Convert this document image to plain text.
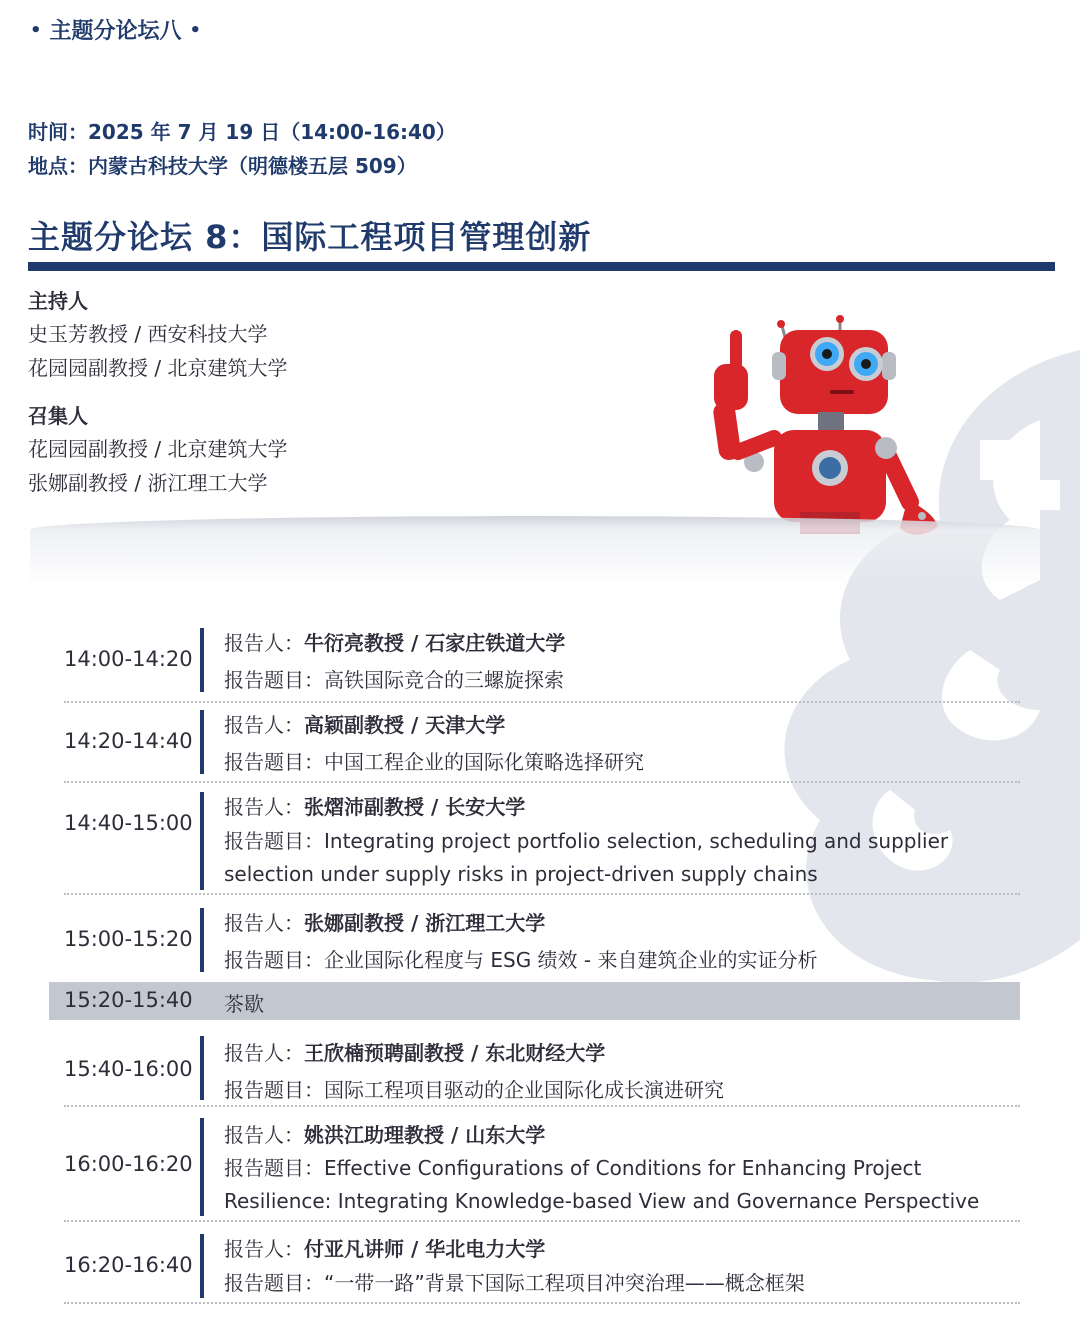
• 主题分论坛八 •
时间：2025 年 7 月 19 日（14:00-16:40）
地点：内蒙古科技大学（明德楼五层 509）
主题分论坛 8：国际工程项目管理创新
主持人
史玉芳教授 / 西安科技大学
花园园副教授 / 北京建筑大学
召集人
花园园副教授 / 北京建筑大学
张娜副教授 / 浙江理工大学
14:00-14:20
报告人：牛衍亮教授 / 石家庄铁道大学
报告题目：高铁国际竞合的三螺旋探索
14:20-14:40
报告人：高颖副教授 / 天津大学
报告题目：中国工程企业的国际化策略选择研究
14:40-15:00
报告人：张熠沛副教授 / 长安大学
报告题目：Integrating project portfolio selection, scheduling and supplier
selection under supply risks in project-driven supply chains
15:00-15:20
报告人：张娜副教授 / 浙江理工大学
报告题目：企业国际化程度与 ESG 绩效 - 来自建筑企业的实证分析
15:20-15:40 茶歇
15:40-16:00
报告人：王欣楠预聘副教授 / 东北财经大学
报告题目：国际工程项目驱动的企业国际化成长演进研究
16:00-16:20
报告人：姚洪江助理教授 / 山东大学
报告题目：Effective Configurations of Conditions for Enhancing Project
Resilience: Integrating Knowledge-based View and Governance Perspective
16:20-16:40
报告人：付亚凡讲师 / 华北电力大学
报告题目：“一带一路”背景下国际工程项目冲突治理——概念框架
